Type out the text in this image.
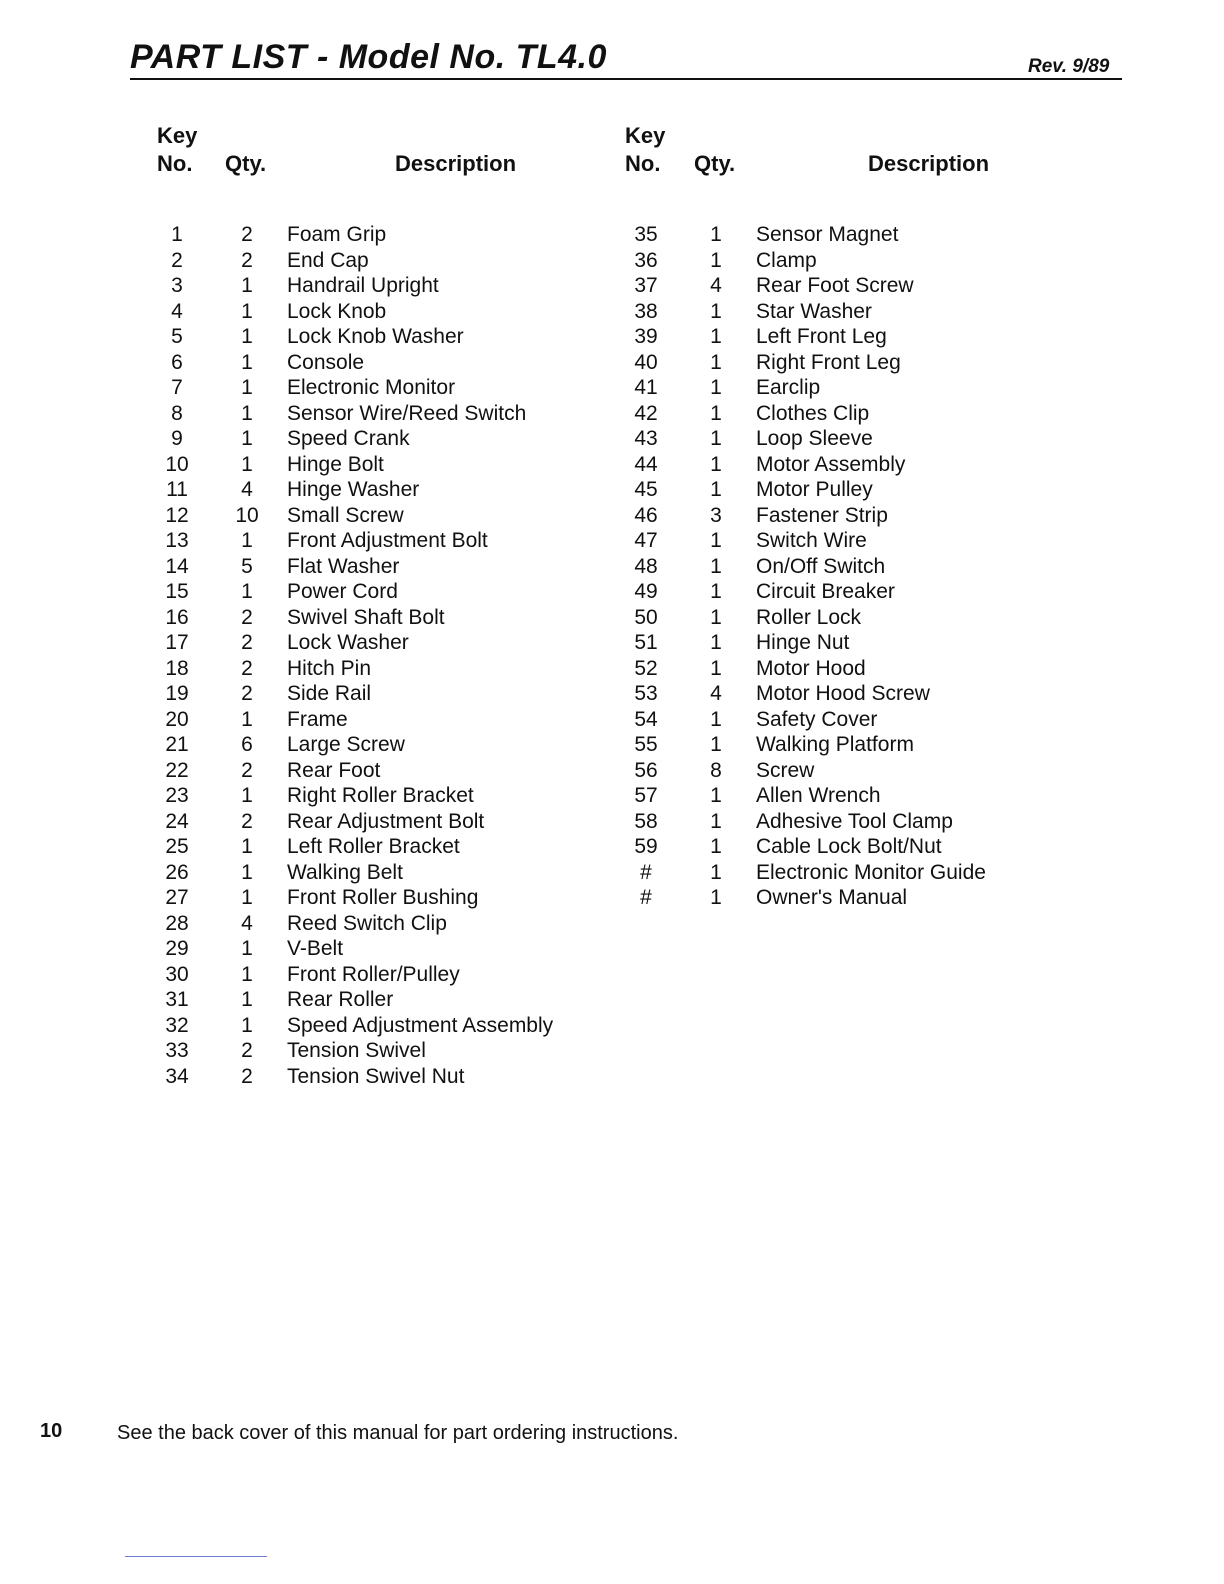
PART LIST - Model No. TL4.0	Rev. 9/89
Key
No. Qty.	Description
Key
No. Qty.	Description
1	2	Foam Grip
2	2	End Cap
3	1	Handrail Upright
4	1	Lock Knob
5	1	Lock Knob Washer
6	1	Console
7	1	Electronic Monitor
8	1	Sensor Wire/Reed Switch
9	1	Speed Crank
10	1	Hinge Bolt
11	4	Hinge Washer
12	10	Small Screw
13	1	Front Adjustment Bolt
14	5	Flat Washer
15	1	Power Cord
16	2	Swivel Shaft Bolt
17	2	Lock Washer
18	2	Hitch Pin
19	2	Side Rail
20	1	Frame
21	6	Large Screw
22	2	Rear Foot
23	1	Right Roller Bracket
24	2	Rear Adjustment Bolt
25	1	Left Roller Bracket
26	1	Walking Belt
27	1	Front Roller Bushing
28	4	Reed Switch Clip
29	1	V-Belt
30	1	Front Roller/Pulley
31	1	Rear Roller
32	1	Speed Adjustment Assembly
33	2	Tension Swivel
34	2	Tension Swivel Nut
35	1	Sensor Magnet
36	1	Clamp
37	4	Rear Foot Screw
38	1	Star Washer
39	1	Left Front Leg
40	1	Right Front Leg
41	1	Earclip
42	1	Clothes Clip
43	1	Loop Sleeve
44	1	Motor Assembly
45	1	Motor Pulley
46	3	Fastener Strip
47	1	Switch Wire
48	1	On/Off Switch
49	1	Circuit Breaker
50	1	Roller Lock
51	1	Hinge Nut
52	1	Motor Hood
53	4	Motor Hood Screw
54	1	Safety Cover
55	1	Walking Platform
56	8	Screw
57	1	Allen Wrench
58	1	Adhesive Tool Clamp
59	1	Cable Lock Bolt/Nut
#	1	Electronic Monitor Guide
#	1	Owner's Manual
10	See the back cover of this manual for part ordering instructions.
